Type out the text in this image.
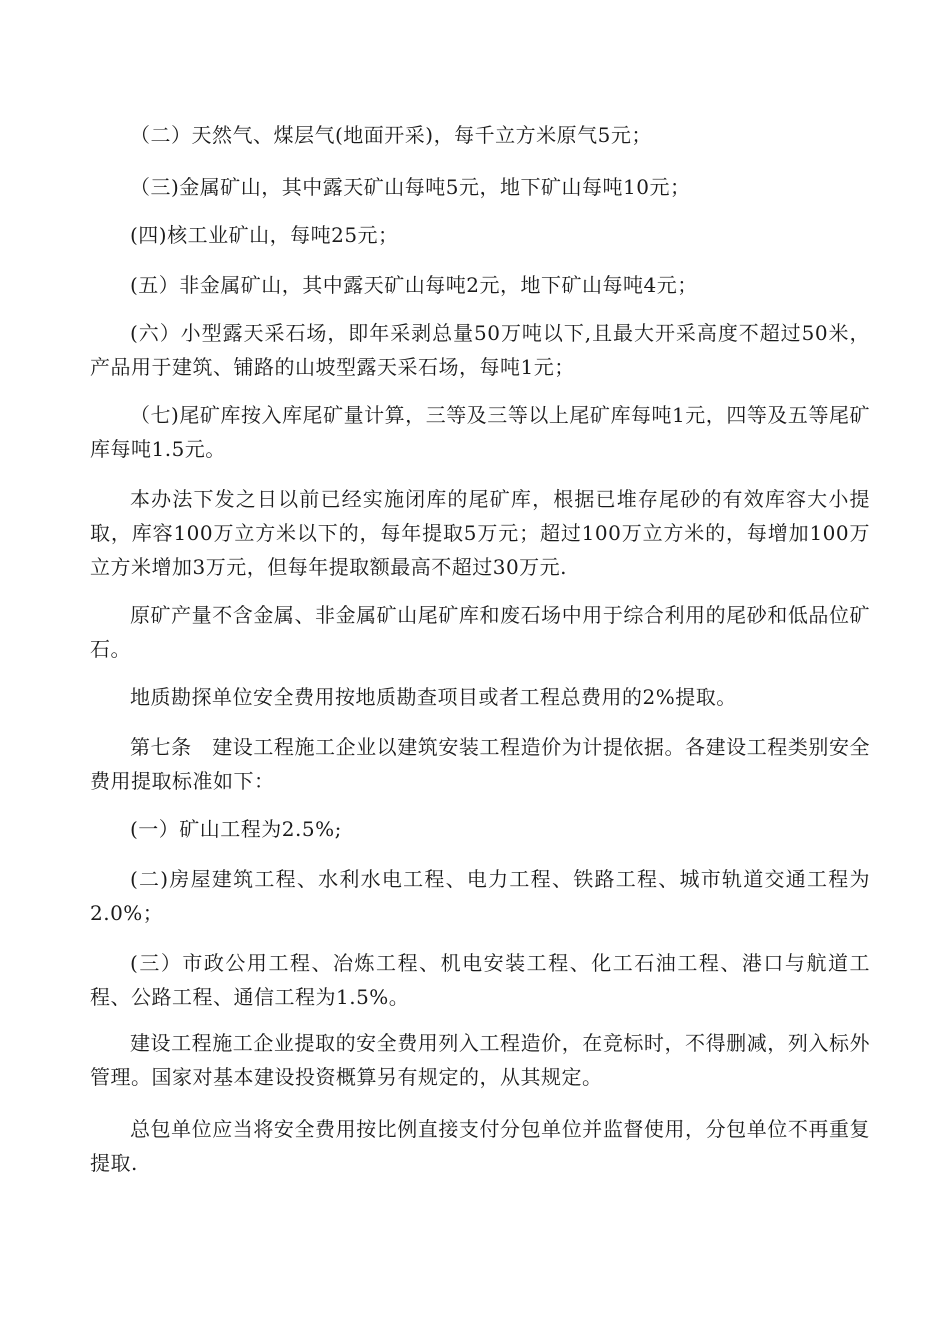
（二）天然气、煤层气(地面开采)，每千立方米原气5元；

（三)金属矿山，其中露天矿山每吨5元，地下矿山每吨10元；

(四)核工业矿山，每吨25元；

(五）非金属矿山，其中露天矿山每吨2元，地下矿山每吨4元；

(六）小型露天采石场，即年采剥总量50万吨以下,且最大开采高度不超过50米，产品用于建筑、铺路的山坡型露天采石场，每吨1元；

（七)尾矿库按入库尾矿量计算，三等及三等以上尾矿库每吨1元，四等及五等尾矿库每吨1.5元。

本办法下发之日以前已经实施闭库的尾矿库，根据已堆存尾砂的有效库容大小提取，库容100万立方米以下的，每年提取5万元；超过100万立方米的，每增加100万立方米增加3万元，但每年提取额最高不超过30万元.

原矿产量不含金属、非金属矿山尾矿库和废石场中用于综合利用的尾砂和低品位矿石。

地质勘探单位安全费用按地质勘查项目或者工程总费用的2%提取。

第七条　建设工程施工企业以建筑安装工程造价为计提依据。各建设工程类别安全费用提取标准如下：

(一）矿山工程为2.5%;

(二)房屋建筑工程、水利水电工程、电力工程、铁路工程、城市轨道交通工程为2.0%；

(三）市政公用工程、冶炼工程、机电安装工程、化工石油工程、港口与航道工程、公路工程、通信工程为1.5%。

建设工程施工企业提取的安全费用列入工程造价，在竞标时，不得删减，列入标外管理。国家对基本建设投资概算另有规定的，从其规定。

总包单位应当将安全费用按比例直接支付分包单位并监督使用，分包单位不再重复提取.
